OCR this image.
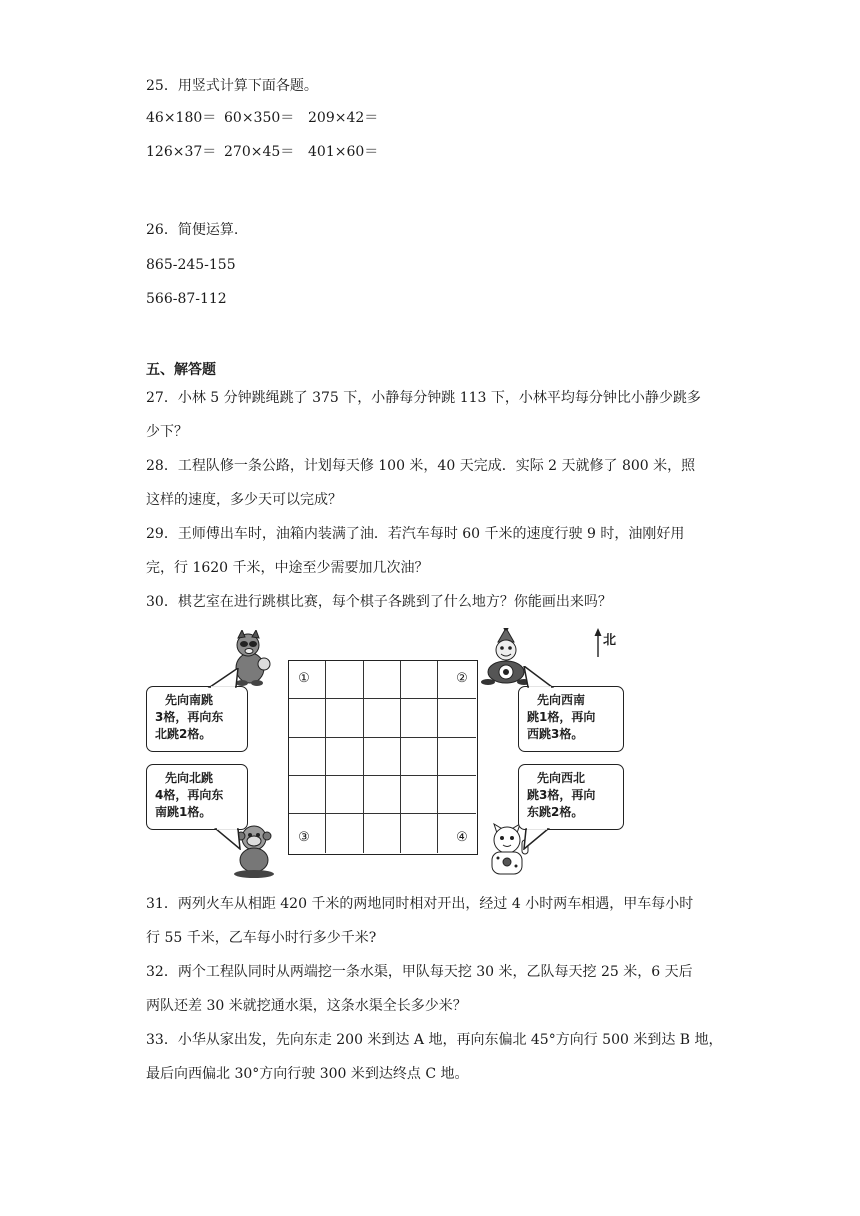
25．用竖式计算下面各题。
46×180＝ 60×350＝ 209×42＝
126×37＝ 270×45＝ 401×60＝
26．简便运算.
865-245-155
566-87-112
五、解答题
27．小林 5 分钟跳绳跳了 375 下，小静每分钟跳 113 下，小林平均每分钟比小静少跳多
少下？
28．工程队修一条公路，计划每天修 100 米，40 天完成．实际 2 天就修了 800 米，照
这样的速度，多少天可以完成？
29．王师傅出车时，油箱内装满了油．若汽车每时 60 千米的速度行驶 9 时，油刚好用
完，行 1620 千米，中途至少需要加几次油？
30．棋艺室在进行跳棋比赛，每个棋子各跳到了什么地方？你能画出来吗？
北
①	②
③	④
先向南跳
3格，再向东
北跳2格。
先向西南
跳1格，再向
西跳3格。
先向北跳
4格，再向东
南跳1格。
先向西北
跳3格，再向
东跳2格。
31．两列火车从相距 420 千米的两地同时相对开出，经过 4 小时两车相遇，甲车每小时
行 55 千米，乙车每小时行多少千米?
32．两个工程队同时从两端挖一条水渠，甲队每天挖 30 米，乙队每天挖 25 米，6 天后
两队还差 30 米就挖通水渠，这条水渠全长多少米？
33．小华从家出发，先向东走 200 米到达 A 地，再向东偏北 45°方向行 500 米到达 B 地，
最后向西偏北 30°方向行驶 300 米到达终点 C 地。
